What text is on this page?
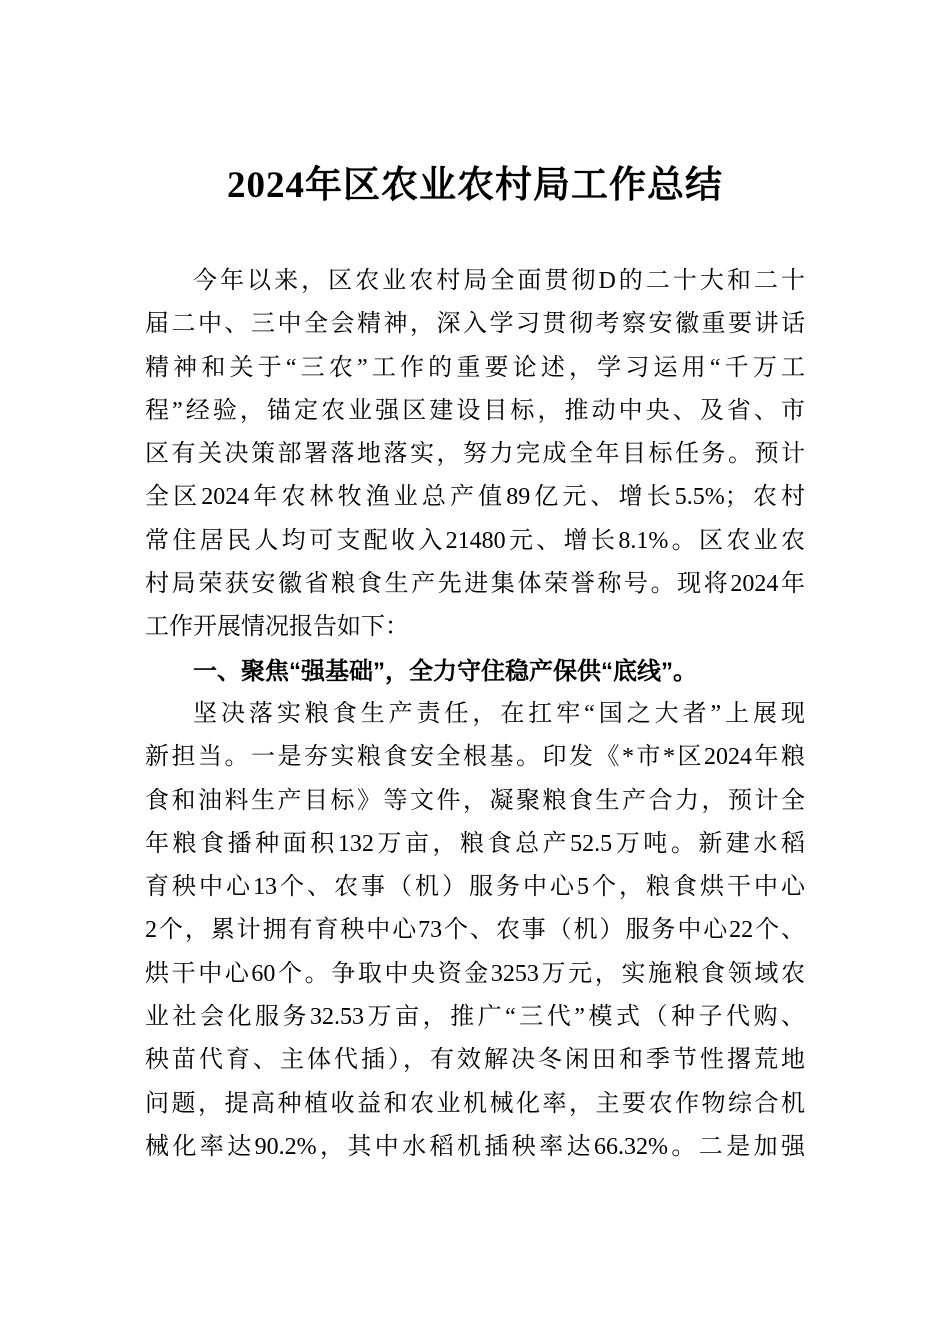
2024年区农业农村局工作总结
今年以来，区农业农村局全面贯彻D的二十大和二十
届二中、三中全会精神，深入学习贯彻考察安徽重要讲话
精神和关于“三农”工作的重要论述，学习运用“千万工
程”经验，锚定农业强区建设目标，推动中央、及省、市
区有关决策部署落地落实，努力完成全年目标任务。预计
全区2024年农林牧渔业总产值89亿元、增长5.5%；农村
常住居民人均可支配收入21480元、增长8.1%。区农业农
村局荣获安徽省粮食生产先进集体荣誉称号。现将2024年
工作开展情况报告如下：
一、聚焦“强基础”，全力守住稳产保供“底线”。
坚决落实粮食生产责任，在扛牢“国之大者”上展现
新担当。一是夯实粮食安全根基。印发《*市*区2024年粮
食和油料生产目标》等文件，凝聚粮食生产合力，预计全
年粮食播种面积132万亩，粮食总产52.5万吨。新建水稻
育秧中心13个、农事（机）服务中心5个，粮食烘干中心
2个，累计拥有育秧中心73个、农事（机）服务中心22个、
烘干中心60个。争取中央资金3253万元，实施粮食领域农
业社会化服务32.53万亩，推广“三代”模式（种子代购、
秧苗代育、主体代插），有效解决冬闲田和季节性撂荒地
问题，提高种植收益和农业机械化率，主要农作物综合机
械化率达90.2%，其中水稻机插秧率达66.32%。二是加强
